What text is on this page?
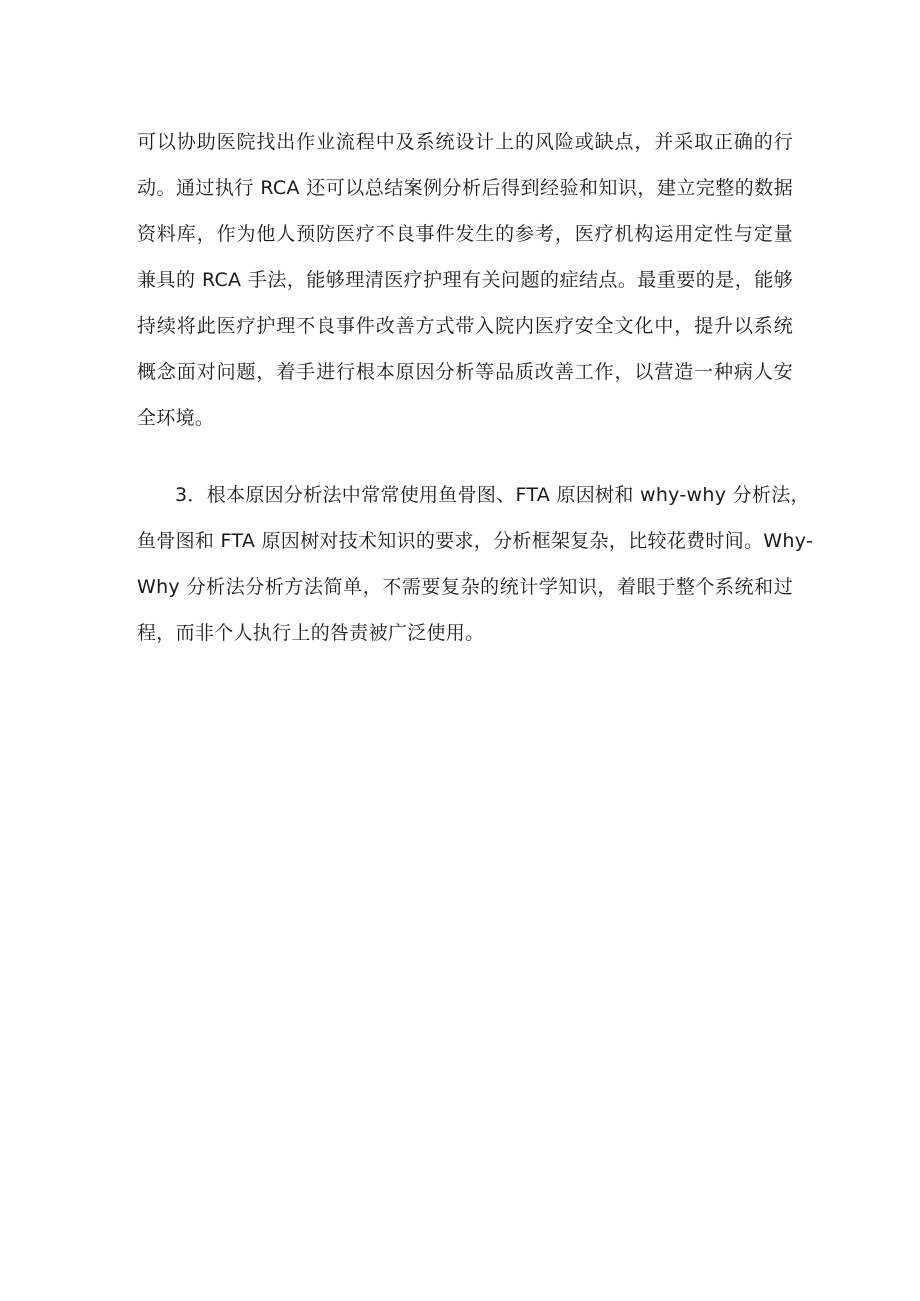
可以协助医院找出作业流程中及系统设计上的风险或缺点，并采取正确的行
动。通过执行 RCA 还可以总结案例分析后得到经验和知识，建立完整的数据
资料库，作为他人预防医疗不良事件发生的参考，医疗机构运用定性与定量
兼具的 RCA 手法，能够理清医疗护理有关问题的症结点。最重要的是，能够
持续将此医疗护理不良事件改善方式带入院内医疗安全文化中，提升以系统
概念面对问题，着手进行根本原因分析等品质改善工作，以营造一种病人安
全环境。
3．根本原因分析法中常常使用鱼骨图、FTA 原因树和 why-why 分析法，
鱼骨图和 FTA 原因树对技术知识的要求，分析框架复杂，比较花费时间。Why-
Why 分析法分析方法简单，不需要复杂的统计学知识，着眼于整个系统和过
程，而非个人执行上的咎责被广泛使用。
